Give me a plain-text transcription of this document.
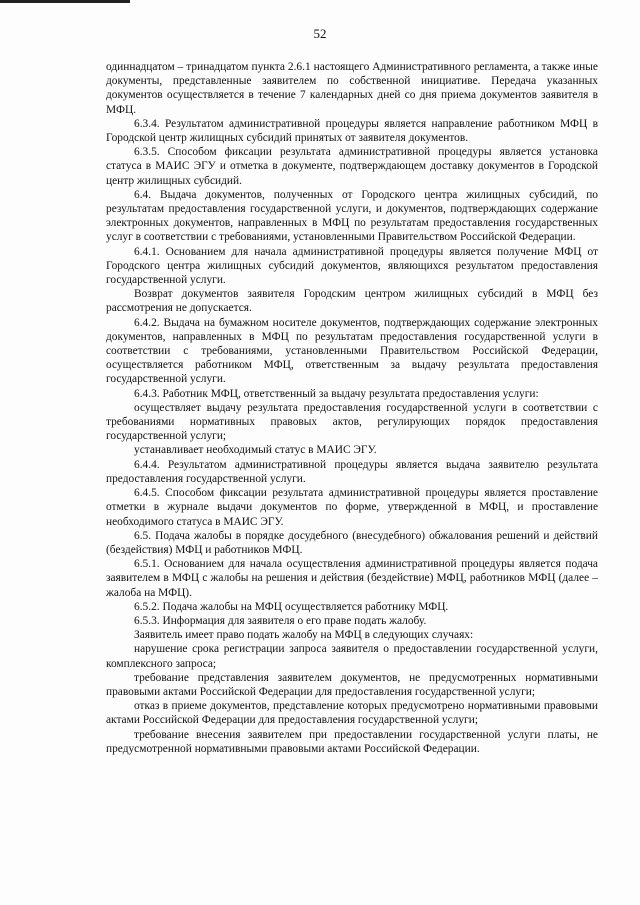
52

одиннадцатом – тринадцатом пункта 2.6.1 настоящего Административного регламента, а также иные документы, представленные заявителем по собственной инициативе. Передача указанных документов осуществляется в течение 7 календарных дней со дня приема документов заявителя в МФЦ.

6.3.4. Результатом административной процедуры является направление работником МФЦ в Городской центр жилищных субсидий принятых от заявителя документов.

6.3.5. Способом фиксации результата административной процедуры является установка статуса в МАИС ЭГУ и отметка в документе, подтверждающем доставку документов в Городской центр жилищных субсидий.

6.4. Выдача документов, полученных от Городского центра жилищных субсидий, по результатам предоставления государственной услуги, и документов, подтверждающих содержание электронных документов, направленных в МФЦ по результатам предоставления государственных услуг в соответствии с требованиями, установленными Правительством Российской Федерации.

6.4.1. Основанием для начала административной процедуры является получение МФЦ от Городского центра жилищных субсидий документов, являющихся результатом предоставления государственной услуги.

Возврат документов заявителя Городским центром жилищных субсидий в МФЦ без рассмотрения не допускается.

6.4.2. Выдача на бумажном носителе документов, подтверждающих содержание электронных документов, направленных в МФЦ по результатам предоставления государственной услуги в соответствии с требованиями, установленными Правительством Российской Федерации, осуществляется работником МФЦ, ответственным за выдачу результата предоставления государственной услуги.

6.4.3. Работник МФЦ, ответственный за выдачу результата предоставления услуги:

осуществляет выдачу результата предоставления государственной услуги в соответствии с требованиями нормативных правовых актов, регулирующих порядок предоставления государственной услуги;

устанавливает необходимый статус в МАИС ЭГУ.

6.4.4. Результатом административной процедуры является выдача заявителю результата предоставления государственной услуги.

6.4.5. Способом фиксации результата административной процедуры является проставление отметки в журнале выдачи документов по форме, утвержденной в МФЦ, и проставление необходимого статуса в МАИС ЭГУ.

6.5. Подача жалобы в порядке досудебного (внесудебного) обжалования решений и действий (бездействия) МФЦ и работников МФЦ.

6.5.1. Основанием для начала осуществления административной процедуры является подача заявителем в МФЦ с жалобы на решения и действия (бездействие) МФЦ, работников МФЦ (далее – жалоба на МФЦ).

6.5.2. Подача жалобы на МФЦ осуществляется работнику МФЦ.

6.5.3. Информация для заявителя о его праве подать жалобу.

Заявитель имеет право подать жалобу на МФЦ в следующих случаях:

нарушение срока регистрации запроса заявителя о предоставлении государственной услуги, комплексного запроса;

требование представления заявителем документов, не предусмотренных нормативными правовыми актами Российской Федерации для предоставления государственной услуги;

отказ в приеме документов, представление которых предусмотрено нормативными правовыми актами Российской Федерации для предоставления государственной услуги;

требование внесения заявителем при предоставлении государственной услуги платы, не предусмотренной нормативными правовыми актами Российской Федерации.
